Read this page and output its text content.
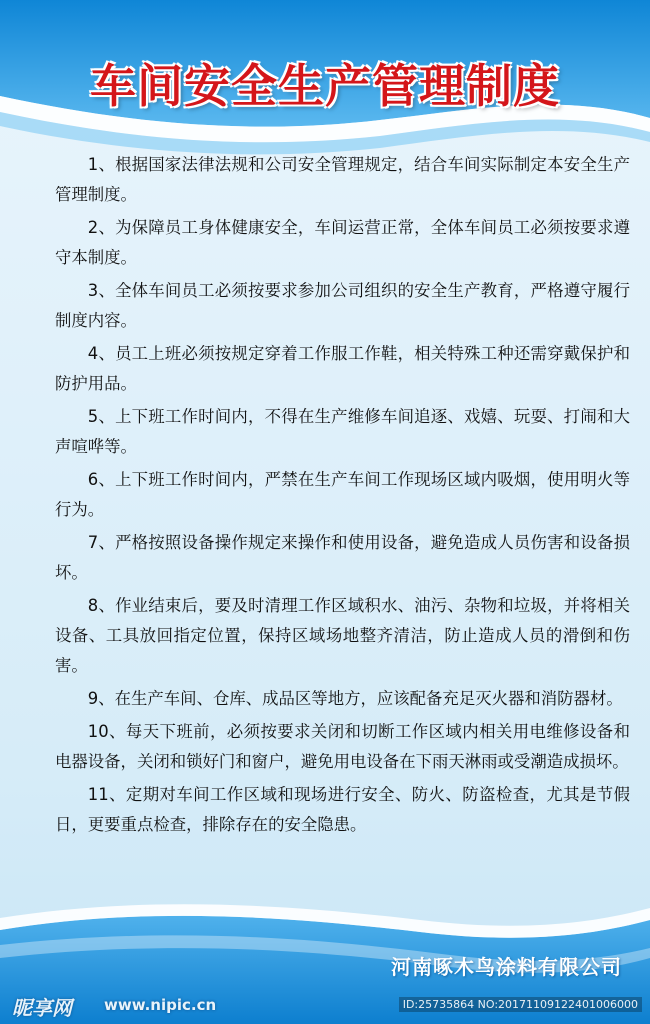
车间安全生产管理制度

1、根据国家法律法规和公司安全管理规定，结合车间实际制定本安全生产管理制度。

2、为保障员工身体健康安全，车间运营正常，全体车间员工必须按要求遵守本制度。

3、全体车间员工必须按要求参加公司组织的安全生产教育，严格遵守履行制度内容。

4、员工上班必须按规定穿着工作服工作鞋，相关特殊工种还需穿戴保护和防护用品。

5、上下班工作时间内，不得在生产维修车间追逐、戏嬉、玩耍、打闹和大声喧哗等。

6、上下班工作时间内，严禁在生产车间工作现场区域内吸烟，使用明火等行为。

7、严格按照设备操作规定来操作和使用设备，避免造成人员伤害和设备损坏。

8、作业结束后，要及时清理工作区域积水、油污、杂物和垃圾，并将相关设备、工具放回指定位置，保持区域场地整齐清洁，防止造成人员的滑倒和伤害。

9、在生产车间、仓库、成品区等地方，应该配备充足灭火器和消防器材。

10、每天下班前，必须按要求关闭和切断工作区域内相关用电维修设备和电器设备，关闭和锁好门和窗户，避免用电设备在下雨天淋雨或受潮造成损坏。

11、定期对车间工作区域和现场进行安全、防火、防盗检查，尤其是节假日，更要重点检查，排除存在的安全隐患。

河南啄木鸟涂料有限公司
昵享网 www.nipic.cn	ID:25735864 NO:20171109122401006000
